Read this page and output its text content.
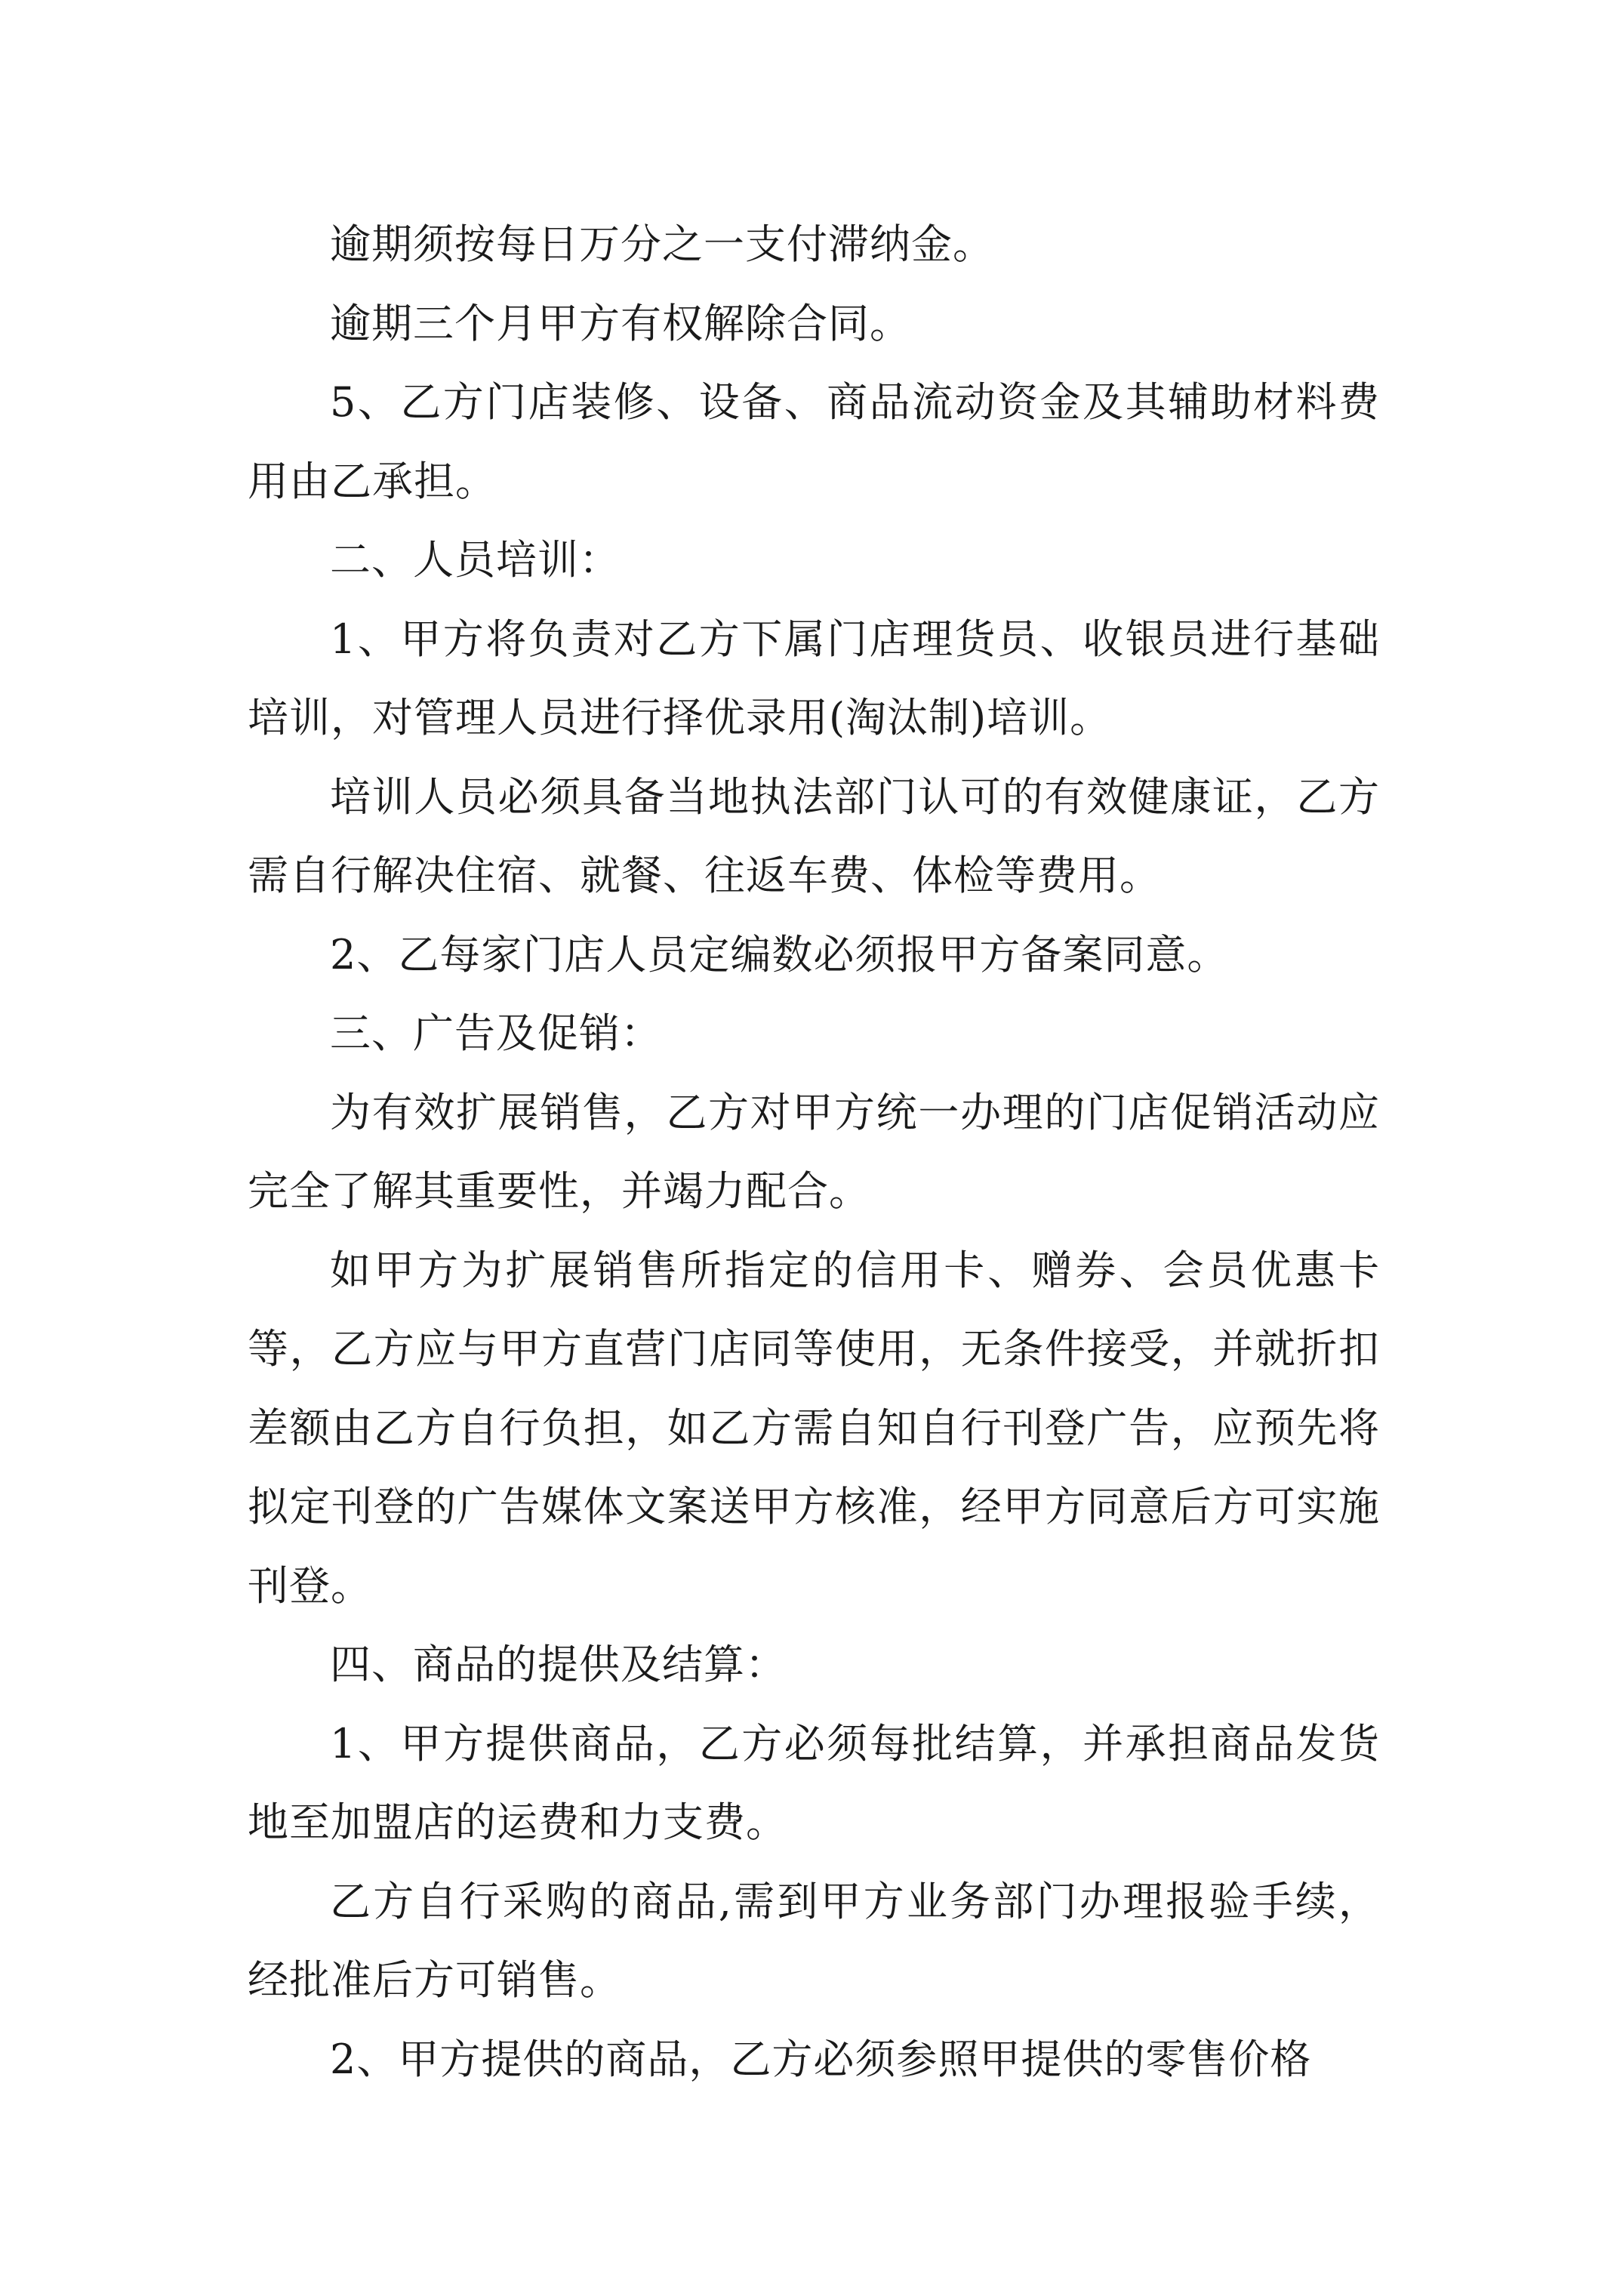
逾期须按每日万分之一支付滞纳金。

逾期三个月甲方有权解除合同。

5、乙方门店装修、设备、商品流动资金及其辅助材料费用由乙承担。

二、人员培训：

1、甲方将负责对乙方下属门店理货员、收银员进行基础培训，对管理人员进行择优录用(淘汰制)培训。

培训人员必须具备当地执法部门认可的有效健康证，乙方需自行解决住宿、就餐、往返车费、体检等费用。

2、乙每家门店人员定编数必须报甲方备案同意。

三、广告及促销：

为有效扩展销售，乙方对甲方统一办理的门店促销活动应完全了解其重要性，并竭力配合。

如甲方为扩展销售所指定的信用卡、赠券、会员优惠卡等，乙方应与甲方直营门店同等使用，无条件接受，并就折扣差额由乙方自行负担，如乙方需自知自行刊登广告，应预先将拟定刊登的广告媒体文案送甲方核准，经甲方同意后方可实施刊登。

四、商品的提供及结算：

1、甲方提供商品，乙方必须每批结算，并承担商品发货地至加盟店的运费和力支费。

乙方自行采购的商品,需到甲方业务部门办理报验手续，经批准后方可销售。

2、甲方提供的商品，乙方必须参照甲提供的零售价格
